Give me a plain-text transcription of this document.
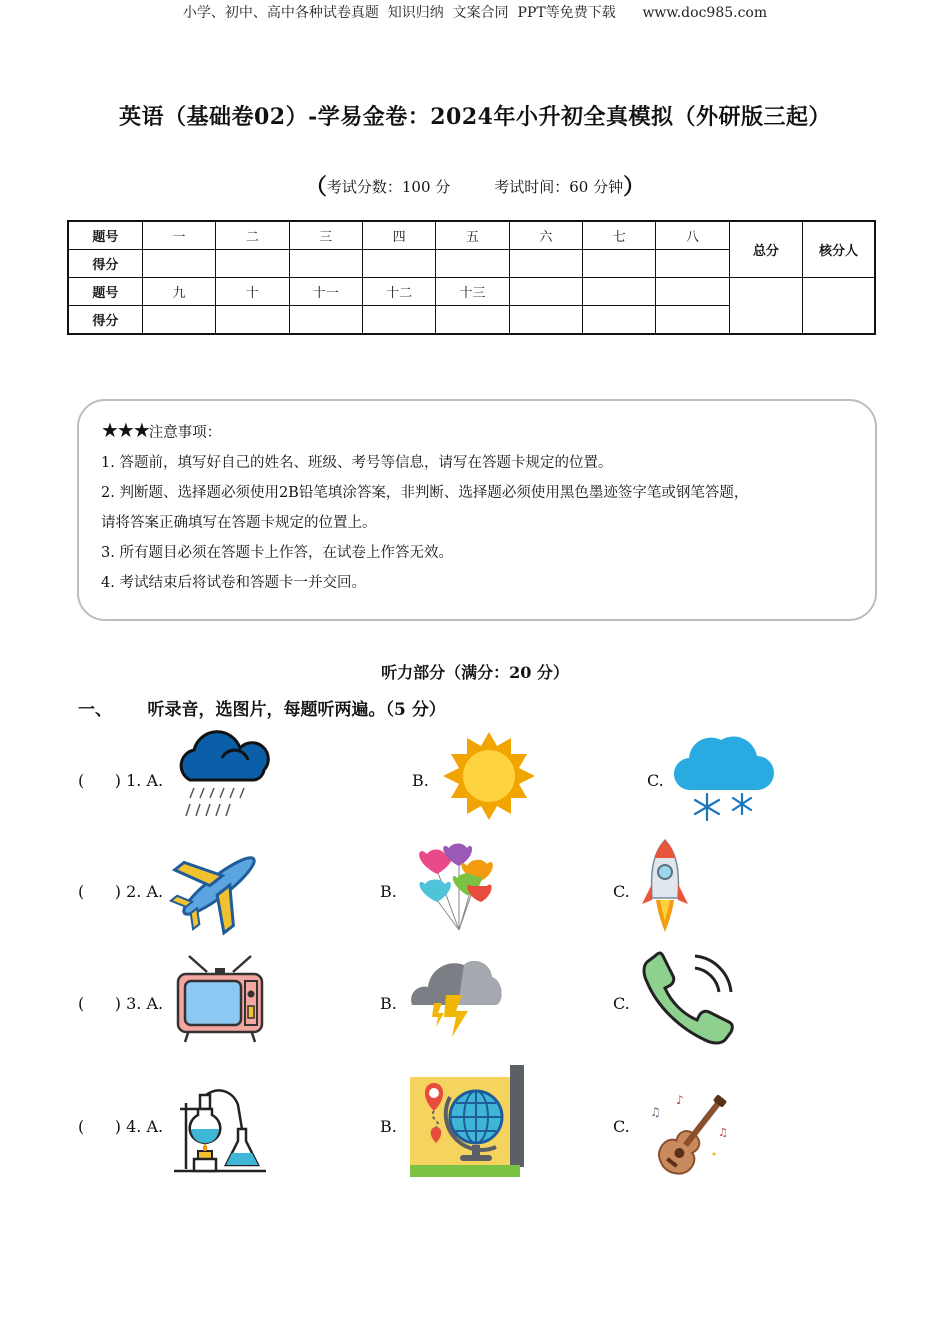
小学、初中、高中各种试卷真题  知识归纳  文案合同  PPT等免费下载      www.doc985.com
英语（基础卷02）-学易金卷：2024年小升初全真模拟（外研版三起）
（考试分数：100 分	考试时间：60 分钟）
题号	一	二	三	四	五	六	七	八	总分	核分人
得分										
题号	九	十	十一	十二	十三					
得分										
★★★注意事项：
1. 答题前，填写好自己的姓名、班级、考号等信息，请写在答题卡规定的位置。
2. 判断题、选择题必须使用2B铅笔填涂答案，非判断、选择题必须使用黑色墨迹签字笔或钢笔答题，
请将答案正确填写在答题卡规定的位置上。
3. 所有题目必须在答题卡上作答，在试卷上作答无效。
4. 考试结束后将试卷和答题卡一并交回。
听力部分（满分：20 分）
一、      听录音，选图片，每题听两遍。（5 分）
(      ) 1. A.	B.	C.
(      ) 2. A.	B.	C.
(      ) 3. A.	B.	C.
(      ) 4. A.	B.	C.
♫
♪
♫
